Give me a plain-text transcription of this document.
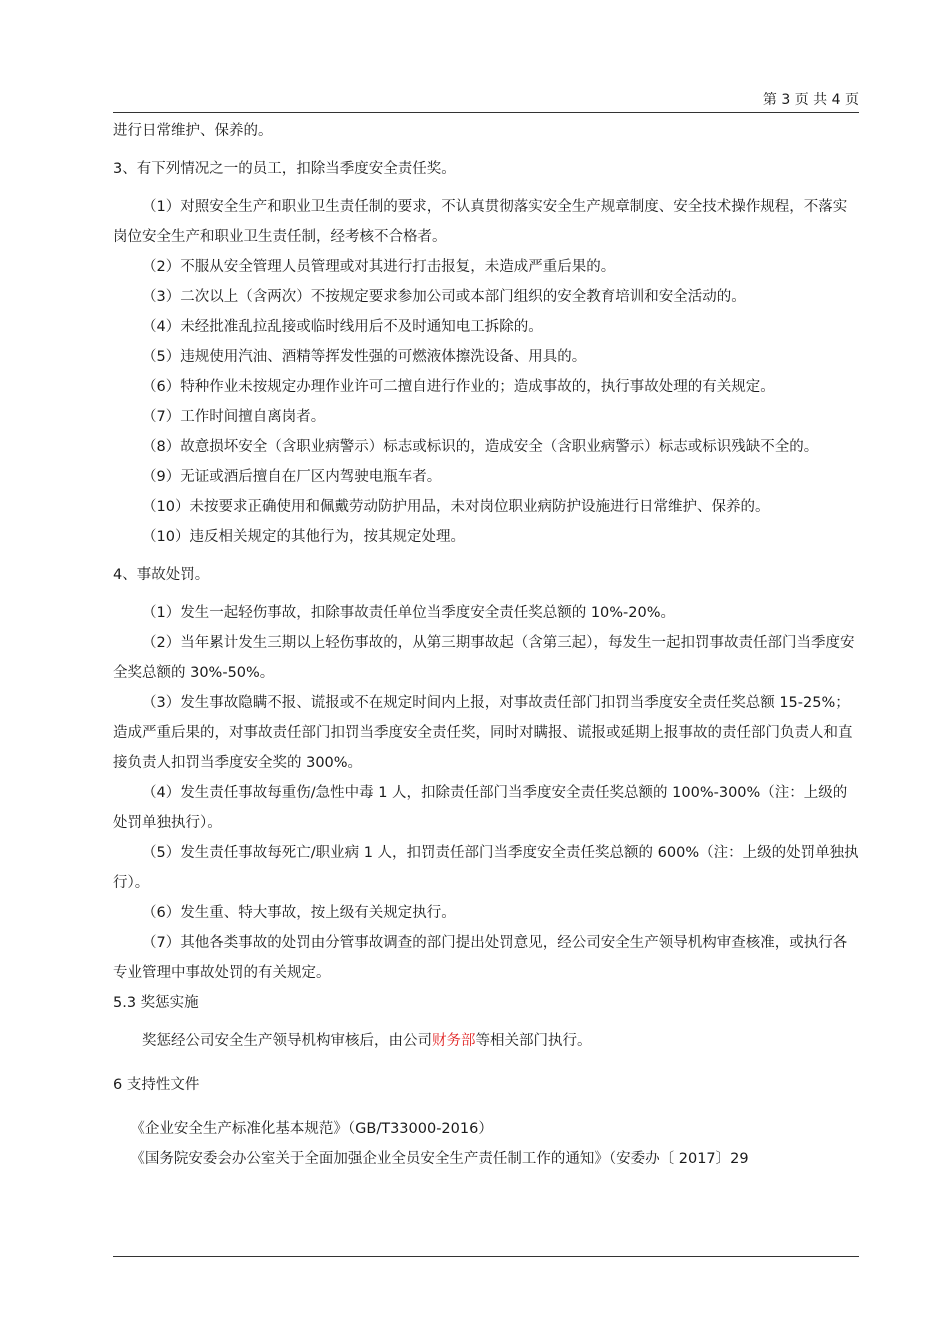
第 3 页 共 4 页

进行日常维护、保养的。

3、有下列情况之一的员工，扣除当季度安全责任奖。

（1）对照安全生产和职业卫生责任制的要求，不认真贯彻落实安全生产规章制度、安全技术操作规程，不落实岗位安全生产和职业卫生责任制，经考核不合格者。

（2）不服从安全管理人员管理或对其进行打击报复，未造成严重后果的。

（3）二次以上（含两次）不按规定要求参加公司或本部门组织的安全教育培训和安全活动的。

（4）未经批准乱拉乱接或临时线用后不及时通知电工拆除的。

（5）违规使用汽油、酒精等挥发性强的可燃液体擦洗设备、用具的。

（6）特种作业未按规定办理作业许可二擅自进行作业的；造成事故的，执行事故处理的有关规定。

（7）工作时间擅自离岗者。

（8）故意损坏安全（含职业病警示）标志或标识的，造成安全（含职业病警示）标志或标识残缺不全的。

（9）无证或酒后擅自在厂区内驾驶电瓶车者。

（10）未按要求正确使用和佩戴劳动防护用品，未对岗位职业病防护设施进行日常维护、保养的。

（10）违反相关规定的其他行为，按其规定处理。

4、事故处罚。

（1）发生一起轻伤事故，扣除事故责任单位当季度安全责任奖总额的 10%-20%。

（2）当年累计发生三期以上轻伤事故的，从第三期事故起（含第三起），每发生一起扣罚事故责任部门当季度安全奖总额的 30%-50%。

（3）发生事故隐瞒不报、谎报或不在规定时间内上报，对事故责任部门扣罚当季度安全责任奖总额 15-25%；造成严重后果的，对事故责任部门扣罚当季度安全责任奖，同时对瞒报、谎报或延期上报事故的责任部门负责人和直接负责人扣罚当季度安全奖的 300%。

（4）发生责任事故每重伤/急性中毒 1 人，扣除责任部门当季度安全责任奖总额的 100%-300%（注：上级的处罚单独执行）。

（5）发生责任事故每死亡/职业病 1 人，扣罚责任部门当季度安全责任奖总额的 600%（注：上级的处罚单独执行）。

（6）发生重、特大事故，按上级有关规定执行。

（7）其他各类事故的处罚由分管事故调查的部门提出处罚意见，经公司安全生产领导机构审查核准，或执行各专业管理中事故处罚的有关规定。

5.3 奖惩实施

奖惩经公司安全生产领导机构审核后，由公司财务部等相关部门执行。

6 支持性文件

《企业安全生产标准化基本规范》（GB/T33000-2016）

《国务院安委会办公室关于全面加强企业全员安全生产责任制工作的通知》（安委办〔 2017〕29
